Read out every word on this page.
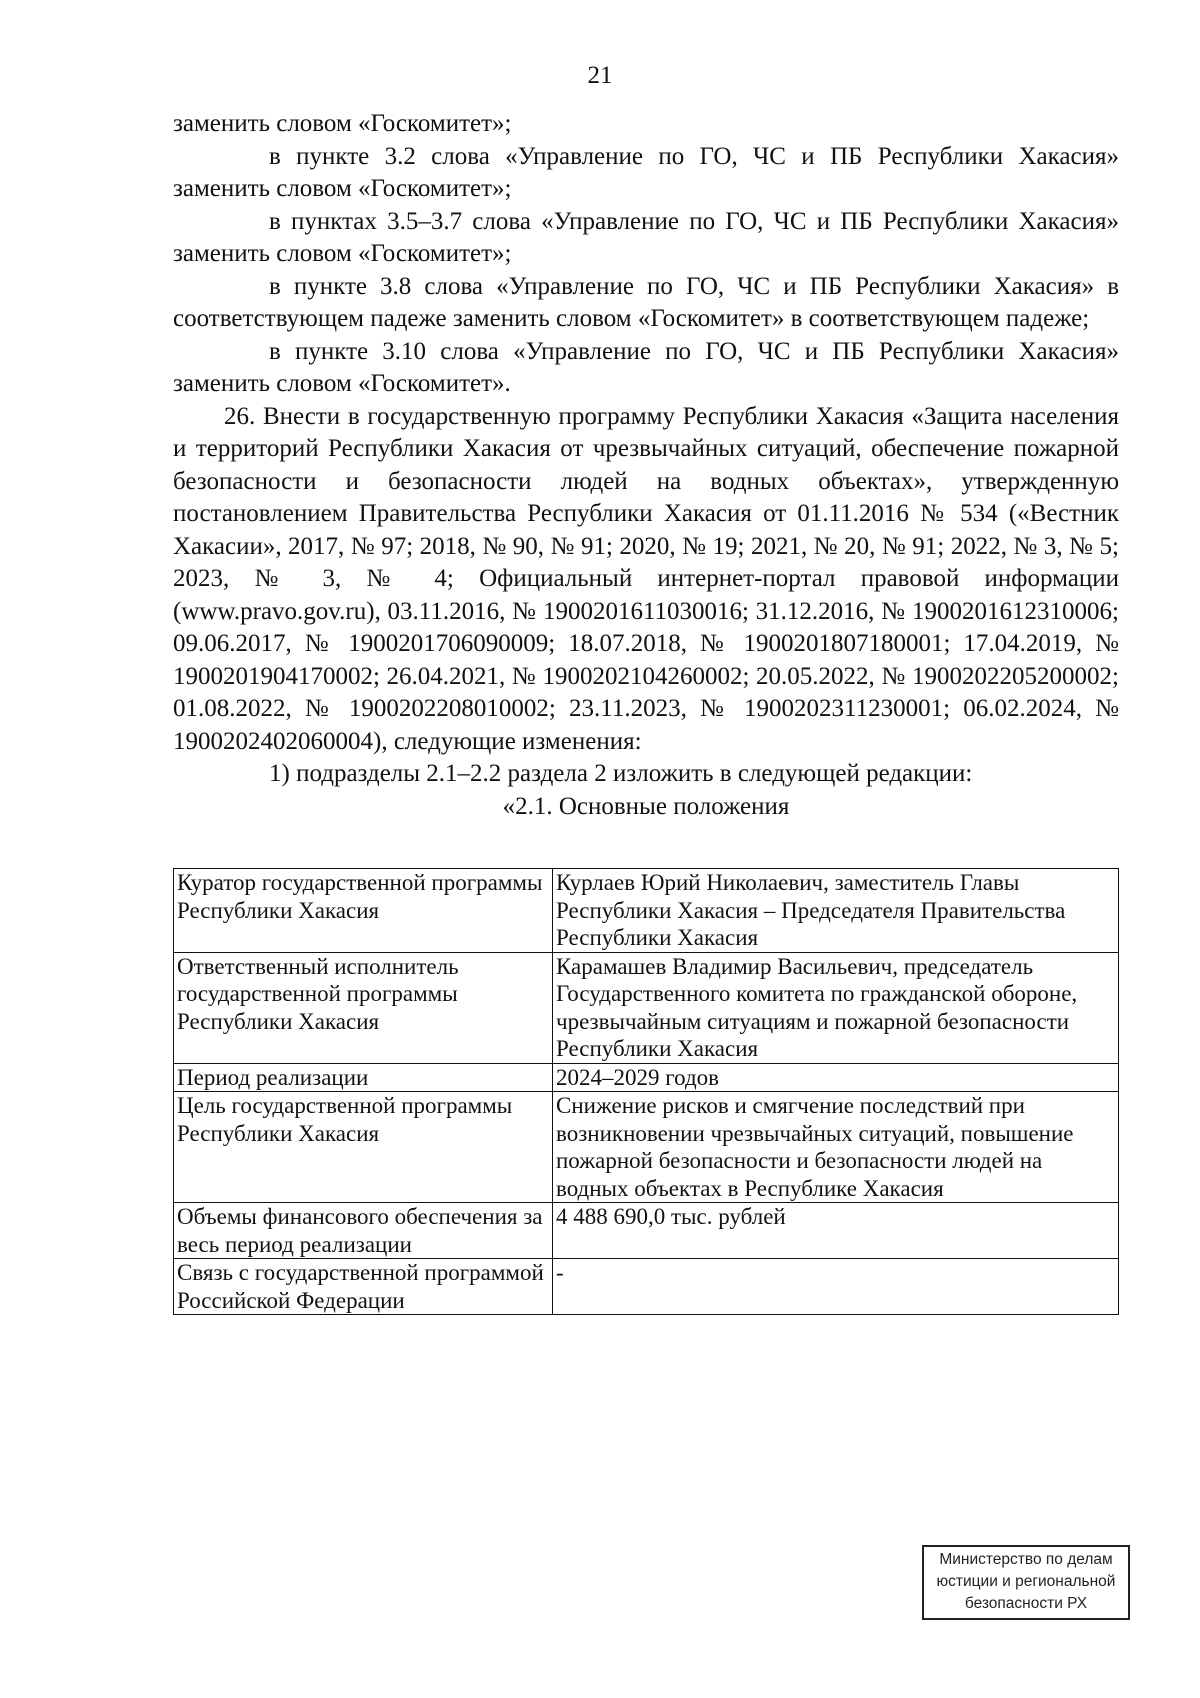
21

заменить словом «Госкомитет»;

в пункте 3.2 слова «Управление по ГО, ЧС и ПБ Республики Хакасия» заменить словом «Госкомитет»;

в пунктах 3.5–3.7 слова «Управление по ГО, ЧС и ПБ Республики Хакасия» заменить словом «Госкомитет»;

в пункте 3.8 слова «Управление по ГО, ЧС и ПБ Республики Хакасия» в соответствующем падеже заменить словом «Госкомитет» в соответствующем падеже;

в пункте 3.10 слова «Управление по ГО, ЧС и ПБ Республики Хакасия» заменить словом «Госкомитет».

26. Внести в государственную программу Республики Хакасия «Защита населения и территорий Республики Хакасия от чрезвычайных ситуаций, обеспечение пожарной безопасности и безопасности людей на водных объектах», утвержденную постановлением Правительства Республики Хакасия от 01.11.2016 № 534 («Вестник Хакасии», 2017, № 97; 2018, № 90, № 91; 2020, № 19; 2021, № 20, № 91; 2022, № 3, № 5; 2023, № 3, № 4; Официальный интернет-портал правовой информации (www.pravo.gov.ru), 03.11.2016, № 1900201611030016; 31.12.2016, № 1900201612310006; 09.06.2017, № 1900201706090009; 18.07.2018, № 1900201807180001; 17.04.2019, № 1900201904170002; 26.04.2021, № 1900202104260002; 20.05.2022, № 1900202205200002; 01.08.2022, № 1900202208010002; 23.11.2023, № 1900202311230001; 06.02.2024, № 1900202402060004), следующие изменения:

1) подразделы 2.1–2.2 раздела 2 изложить в следующей редакции:

«2.1. Основные положения

Куратор государственной программы Республики Хакасия	Курлаев Юрий Николаевич, заместитель Главы Республики Хакасия – Председателя Правительства Республики Хакасия
Ответственный исполнитель государственной программы Республики Хакасия	Карамашев Владимир Васильевич, председатель Государственного комитета по гражданской обороне, чрезвычайным ситуациям и пожарной безопасности Республики Хакасия
Период реализации	2024–2029 годов
Цель государственной программы Республики Хакасия	Снижение рисков и смягчение последствий при возникновении чрезвычайных ситуаций, повышение пожарной безопасности и безопасности людей на водных объектах в Республике Хакасия
Объемы финансового обеспечения за весь период реализации	4 488 690,0 тыс. рублей
Связь с государственной программой Российской Федерации	-
Министерство по делам
юстиции и региональной
безопасности РХ
